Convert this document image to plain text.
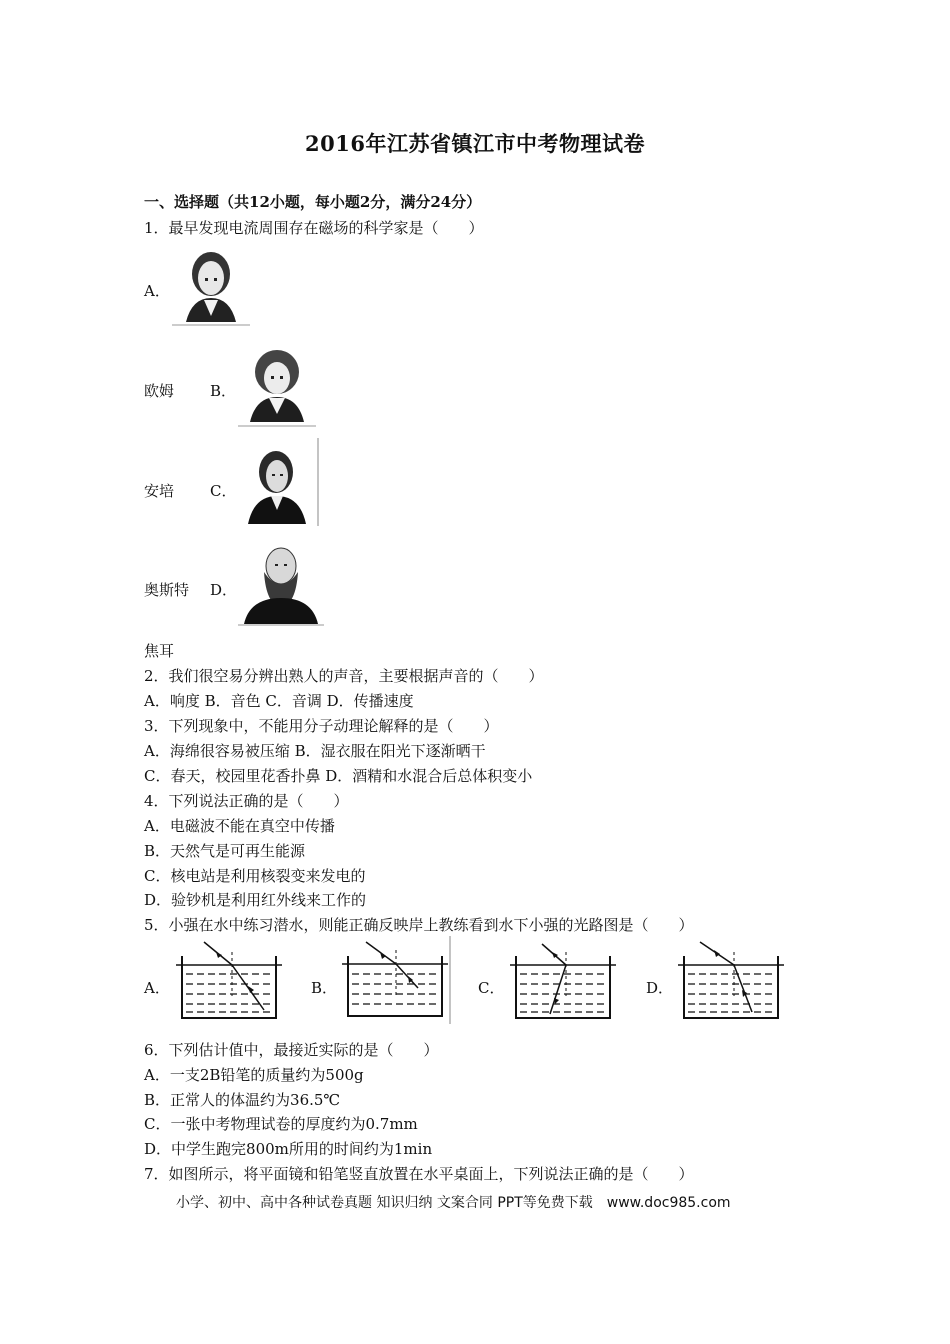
2016年江苏省镇江市中考物理试卷
一、选择题（共12小题，每小题2分，满分24分）
1．最早发现电流周围存在磁场的科学家是（　　）
A．
欧姆 B．
安培 C．
奥斯特 D．
焦耳
2．我们很空易分辨出熟人的声音，主要根据声音的（　　）
A．响度 B．音色 C．音调 D．传播速度
3．下列现象中，不能用分子动理论解释的是（　　）
A．海绵很容易被压缩 B．湿衣服在阳光下逐渐晒干
C．春天，校园里花香扑鼻 D．酒精和水混合后总体积变小
4．下列说法正确的是（　　）
A．电磁波不能在真空中传播
B．天然气是可再生能源
C．核电站是利用核裂变来发电的
D．验钞机是利用红外线来工作的
5．小强在水中练习潜水，则能正确反映岸上教练看到水下小强的光路图是（　　）
A．	B．	C．	D．
6．下列估计值中，最接近实际的是（　　）
A．一支2B铅笔的质量约为500g
B．正常人的体温约为36.5℃
C．一张中考物理试卷的厚度约为0.7mm
D．中学生跑完800m所用的时间约为1min
7．如图所示，将平面镜和铅笔竖直放置在水平桌面上，下列说法正确的是（　　）
小学、初中、高中各种试卷真题 知识归纳 文案合同 PPT等免费下载　www.doc985.com
